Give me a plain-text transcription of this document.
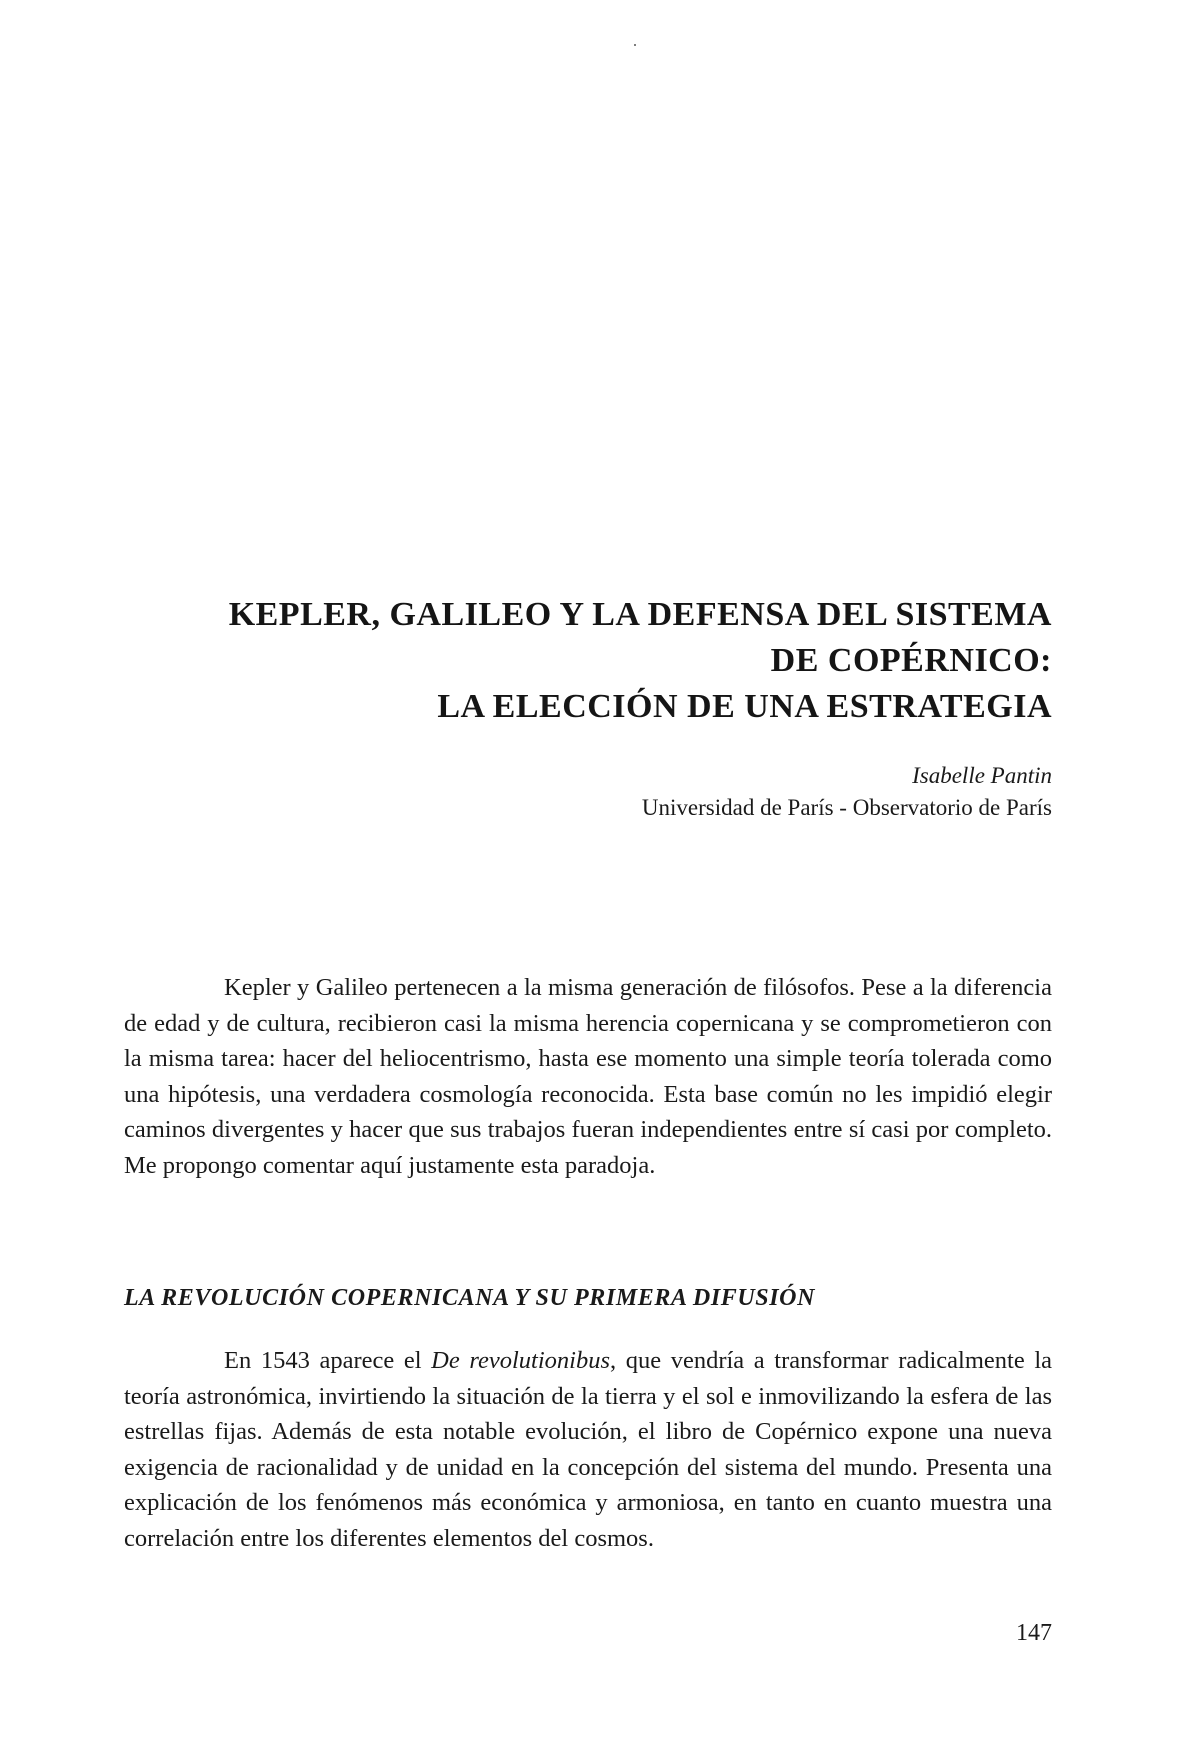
KEPLER, GALILEO Y LA DEFENSA DEL SISTEMA
DE COPÉRNICO:
LA ELECCIÓN DE UNA ESTRATEGIA
Isabelle Pantin
Universidad de París - Observatorio de París

Kepler y Galileo pertenecen a la misma generación de filósofos. Pese a la diferencia de edad y de cultura, recibieron casi la misma herencia copernicana y se comprometieron con la misma tarea: hacer del heliocentrismo, hasta ese momento una simple teoría tolerada como una hipótesis, una verdadera cosmología reconocida. Esta base común no les impidió elegir caminos divergentes y hacer que sus trabajos fueran independientes entre sí casi por completo. Me propongo comentar aquí justamente esta paradoja.

LA REVOLUCIÓN COPERNICANA Y SU PRIMERA DIFUSIÓN

En 1543 aparece el De revolutionibus, que vendría a transformar radicalmente la teoría astronómica, invirtiendo la situación de la tierra y el sol e inmovilizando la esfera de las estrellas fijas. Además de esta notable evolución, el libro de Copérnico expone una nueva exigencia de racionalidad y de unidad en la concepción del sistema del mundo. Presenta una explicación de los fenómenos más económica y armoniosa, en tanto en cuanto muestra una correlación entre los diferentes elementos del cosmos.

147
